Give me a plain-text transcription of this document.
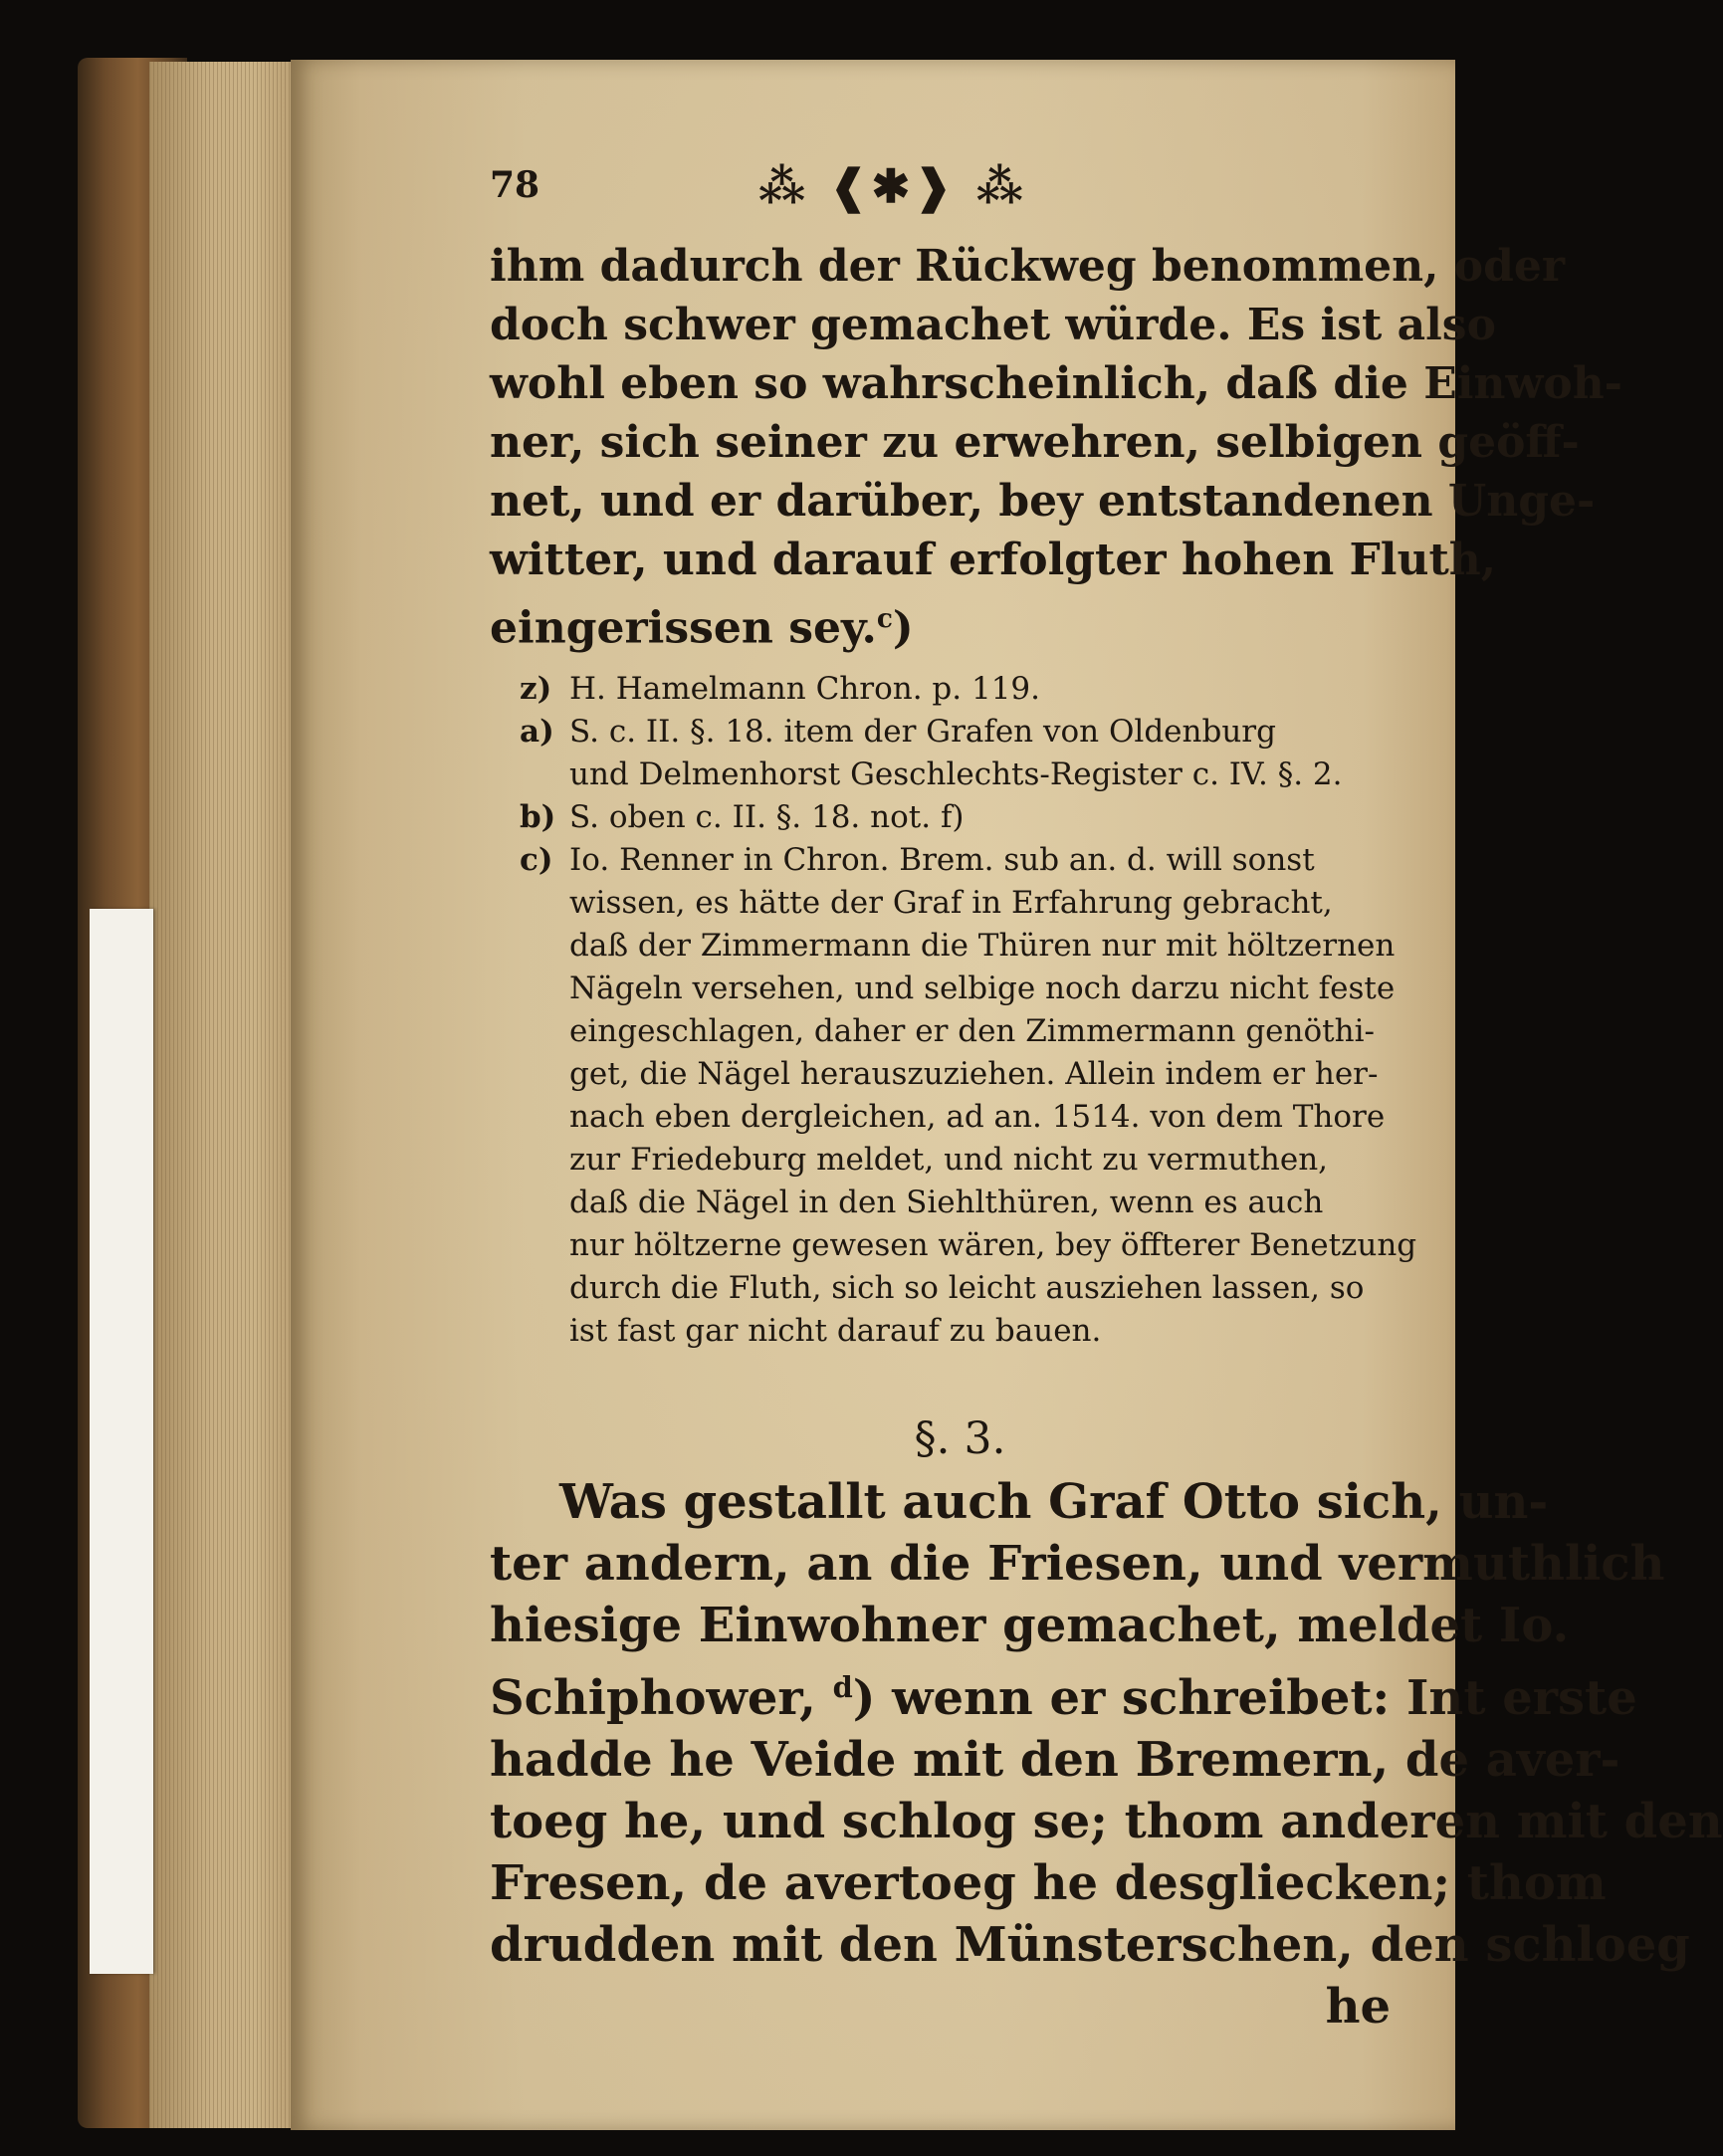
78	⁂ ❰✱❱ ⁂
ihm dadurch der Rückweg benommen, oder
doch schwer gemachet würde. Es ist also
wohl eben so wahrscheinlich, daß die Einwoh-
ner, sich seiner zu erwehren, selbigen geöff-
net, und er darüber, bey entstandenen Unge-
witter, und darauf erfolgter hohen Fluth,
eingerissen sey.$^c$)
z) H. Hamelmann Chron. p. 119.
a) S. c. II. §. 18. item der Grafen von Oldenburg
und Delmenhorst Geschlechts-Register c. IV. §. 2.
b) S. oben c. II. §. 18. not. f)
c) Io. Renner in Chron. Brem. sub an. d. will sonst
wissen, es hätte der Graf in Erfahrung gebracht,
daß der Zimmermann die Thüren nur mit höltzernen
Nägeln versehen, und selbige noch darzu nicht feste
eingeschlagen, daher er den Zimmermann genöthi-
get, die Nägel herauszuziehen. Allein indem er her-
nach eben dergleichen, ad an. 1514. von dem Thore
zur Friedeburg meldet, und nicht zu vermuthen,
daß die Nägel in den Siehlthüren, wenn es auch
nur höltzerne gewesen wären, bey öffterer Benetzung
durch die Fluth, sich so leicht ausziehen lassen, so
ist fast gar nicht darauf zu bauen.
§. 3.
Was gestallt auch Graf Otto sich, un-
ter andern, an die Friesen, und vermuthlich
hiesige Einwohner gemachet, meldet Io.
Schiphower, $^d$) wenn er schreibet: Int erste
hadde he Veide mit den Bremern, de aver-
toeg he, und schlog se; thom anderen mit den
Fresen, de avertoeg he desgliecken; thom
drudden mit den Münsterschen, den schloeg
he
